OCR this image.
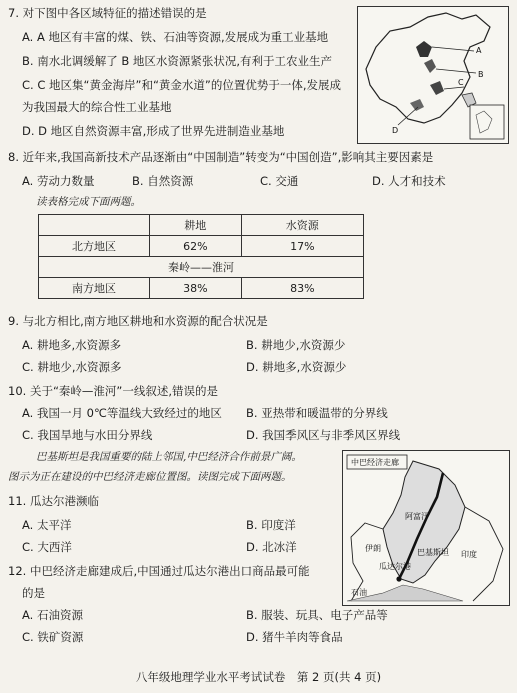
7. 对下图中各区域特征的描述错误的是
A. A 地区有丰富的煤、铁、石油等资源,发展成为重工业基地
B. 南水北调缓解了 B 地区水资源紧张状况,有利于工农业生产
C. C 地区集“黄金海岸”和“黄金水道”的位置优势于一体,发展成
为我国最大的综合性工业基地
D. D 地区自然资源丰富,形成了世界先进制造业基地
A
B
C
D
8. 近年来,我国高新技术产品逐渐由“中国制造”转变为“中国创造”,影响其主要因素是
A. 劳动力数量	B. 自然资源	C. 交通	D. 人才和技术
读表格完成下面两题。
	耕地	水资源
北方地区	62%	17%
秦岭——淮河		
南方地区	38%	83%
9. 与北方相比,南方地区耕地和水资源的配合状况是
A. 耕地多,水资源多	B. 耕地少,水资源少
C. 耕地少,水资源多	D. 耕地多,水资源少
10. 关于“秦岭—淮河”一线叙述,错误的是
A. 我国一月 0℃等温线大致经过的地区 B. 亚热带和暖温带的分界线
C. 我国旱地与水田分界线	D. 我国季风区与非季风区界线
巴基斯坦是我国重要的陆上邻国,中巴经济合作前景广阔。
图示为正在建设的中巴经济走廊位置图。读图完成下面两题。
中巴经济走廊
伊朗
阿富汗
巴基斯坦
瓜达尔港
印度
石油
11. 瓜达尔港濒临
A. 太平洋	B. 印度洋
C. 大西洋	D. 北冰洋
12. 中巴经济走廊建成后,中国通过瓜达尔港出口商品最可能
的是
A. 石油资源	B. 服装、玩具、电子产品等
C. 铁矿资源	D. 猪牛羊肉等食品
八年级地理学业水平考试试卷　第 2 页(共 4 页)
